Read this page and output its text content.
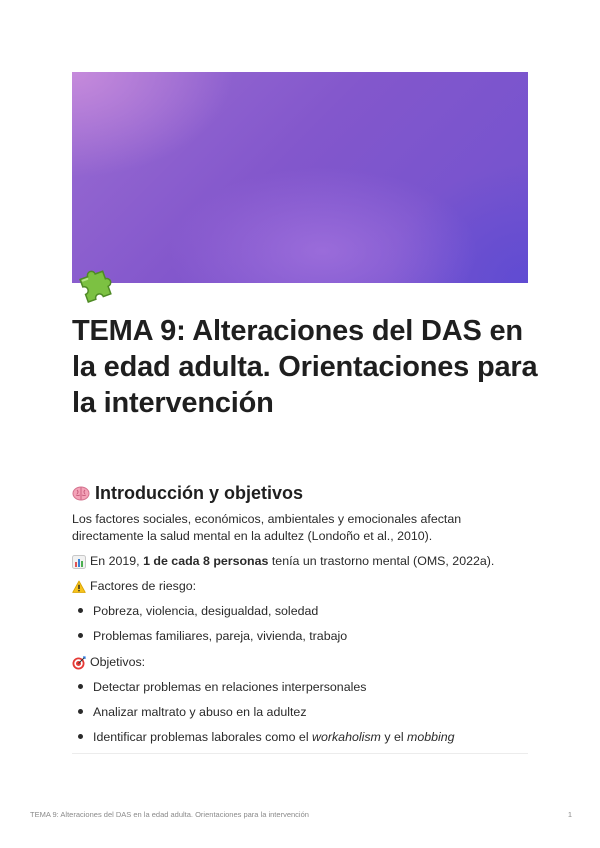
TEMA 9: Alteraciones del DAS en la edad adulta. Orientaciones para la intervención
Introducción y objetivos

Los factores sociales, económicos, ambientales y emocionales afectan directamente la salud mental en la adultez (Londoño et al., 2010).

En 2019, 1 de cada 8 personas tenía un trastorno mental (OMS, 2022a).

Factores de riesgo:

Pobreza, violencia, desigualdad, soledad
Problemas familiares, pareja, vivienda, trabajo

Objetivos:

Detectar problemas en relaciones interpersonales
Analizar maltrato y abuso en la adultez
Identificar problemas laborales como el workaholism y el mobbing
TEMA 9: Alteraciones del DAS en la edad adulta. Orientaciones para la intervención	1
